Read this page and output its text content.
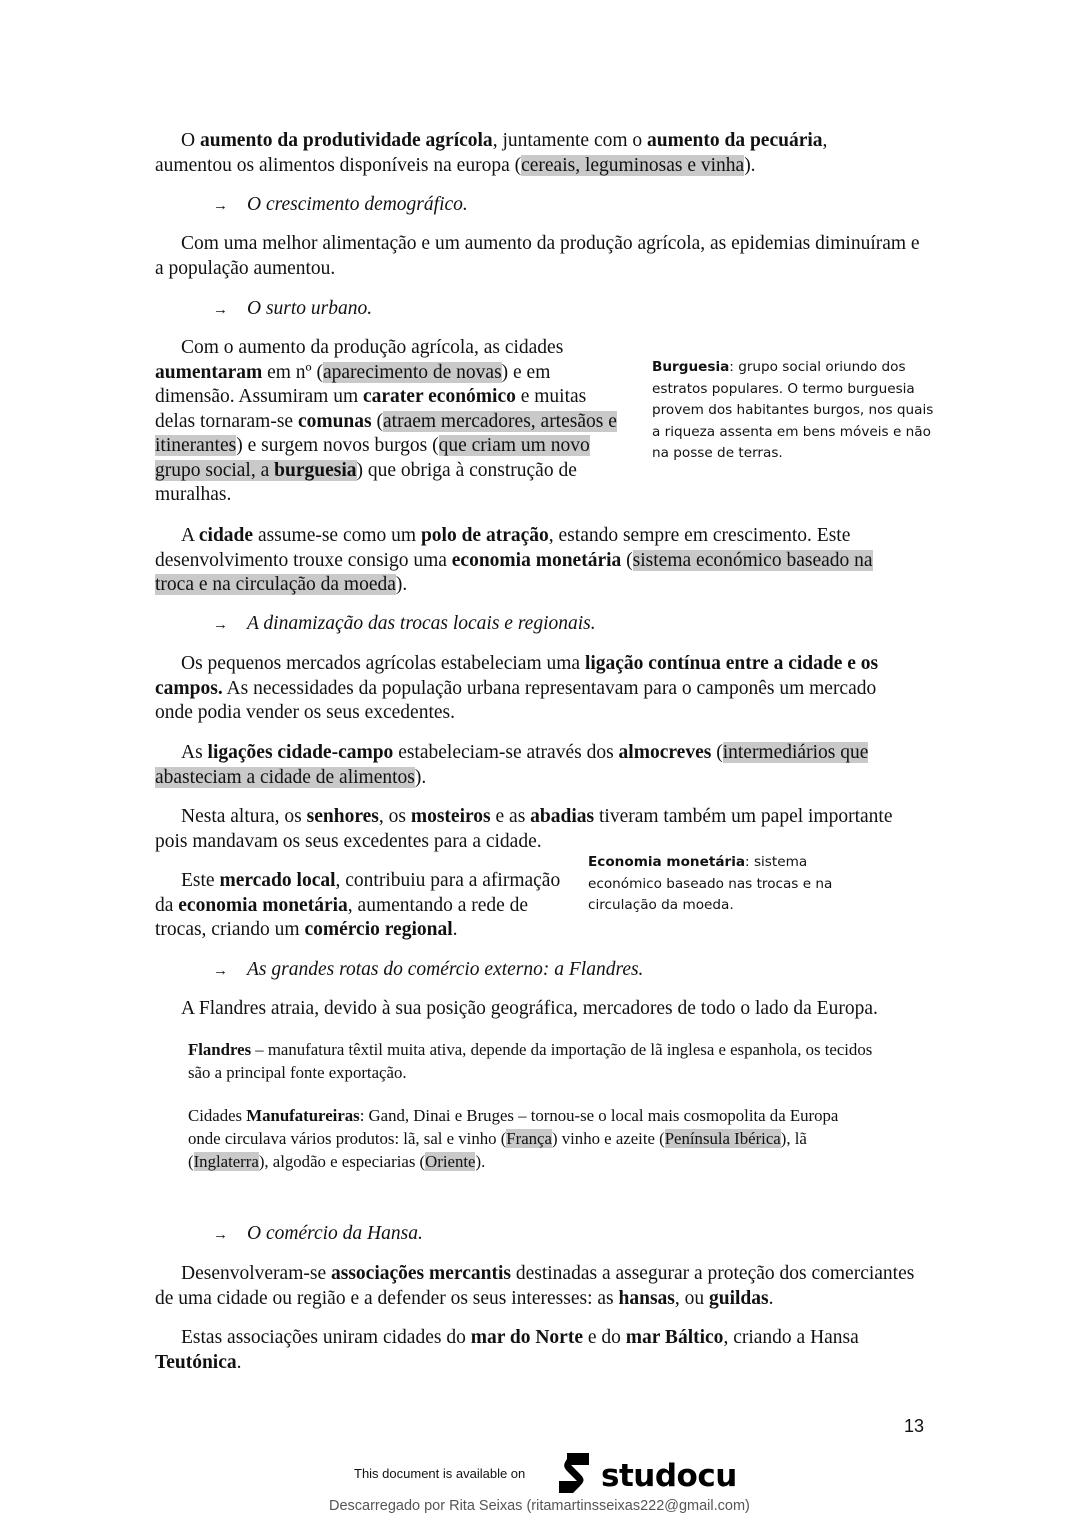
O aumento da produtividade agrícola, juntamente com o aumento da pecuária, aumentou os alimentos disponíveis na europa (cereais, leguminosas e vinha).
→ O crescimento demográfico.
Com uma melhor alimentação e um aumento da produção agrícola, as epidemias diminuíram e a população aumentou.
→ O surto urbano.
Com o aumento da produção agrícola, as cidades aumentaram em nº (aparecimento de novas) e em dimensão. Assumiram um carater económico e muitas delas tornaram-se comunas (atraem mercadores, artesãos e itinerantes) e surgem novos burgos (que criam um novo grupo social, a burguesia) que obriga à construção de muralhas.
Burguesia: grupo social oriundo dos estratos populares. O termo burguesia provem dos habitantes burgos, nos quais a riqueza assenta em bens móveis e não na posse de terras.
A cidade assume-se como um polo de atração, estando sempre em crescimento. Este desenvolvimento trouxe consigo uma economia monetária (sistema económico baseado na troca e na circulação da moeda).
→ A dinamização das trocas locais e regionais.
Os pequenos mercados agrícolas estabeleciam uma ligação contínua entre a cidade e os campos. As necessidades da população urbana representavam para o camponês um mercado onde podia vender os seus excedentes.
As ligações cidade-campo estabeleciam-se através dos almocreves (intermediários que abasteciam a cidade de alimentos).
Nesta altura, os senhores, os mosteiros e as abadias tiveram também um papel importante pois mandavam os seus excedentes para a cidade.
Este mercado local, contribuiu para a afirmação da economia monetária, aumentando a rede de trocas, criando um comércio regional.
Economia monetária: sistema económico baseado nas trocas e na circulação da moeda.
→ As grandes rotas do comércio externo: a Flandres.
A Flandres atraia, devido à sua posição geográfica, mercadores de todo o lado da Europa.
Flandres – manufatura têxtil muita ativa, depende da importação de lã inglesa e espanhola, os tecidos são a principal fonte exportação.
Cidades Manufatureiras: Gand, Dinai e Bruges – tornou-se o local mais cosmopolita da Europa onde circulava vários produtos: lã, sal e vinho (França) vinho e azeite (Península Ibérica), lã (Inglaterra), algodão e especiarias (Oriente).
→ O comércio da Hansa.
Desenvolveram-se associações mercantis destinadas a assegurar a proteção dos comerciantes de uma cidade ou região e a defender os seus interesses: as hansas, ou guildas.
Estas associações uniram cidades do mar do Norte e do mar Báltico, criando a Hansa Teutónica.
13
This document is available on studocu
Descarregado por Rita Seixas (ritamartinsseixas222@gmail.com)
